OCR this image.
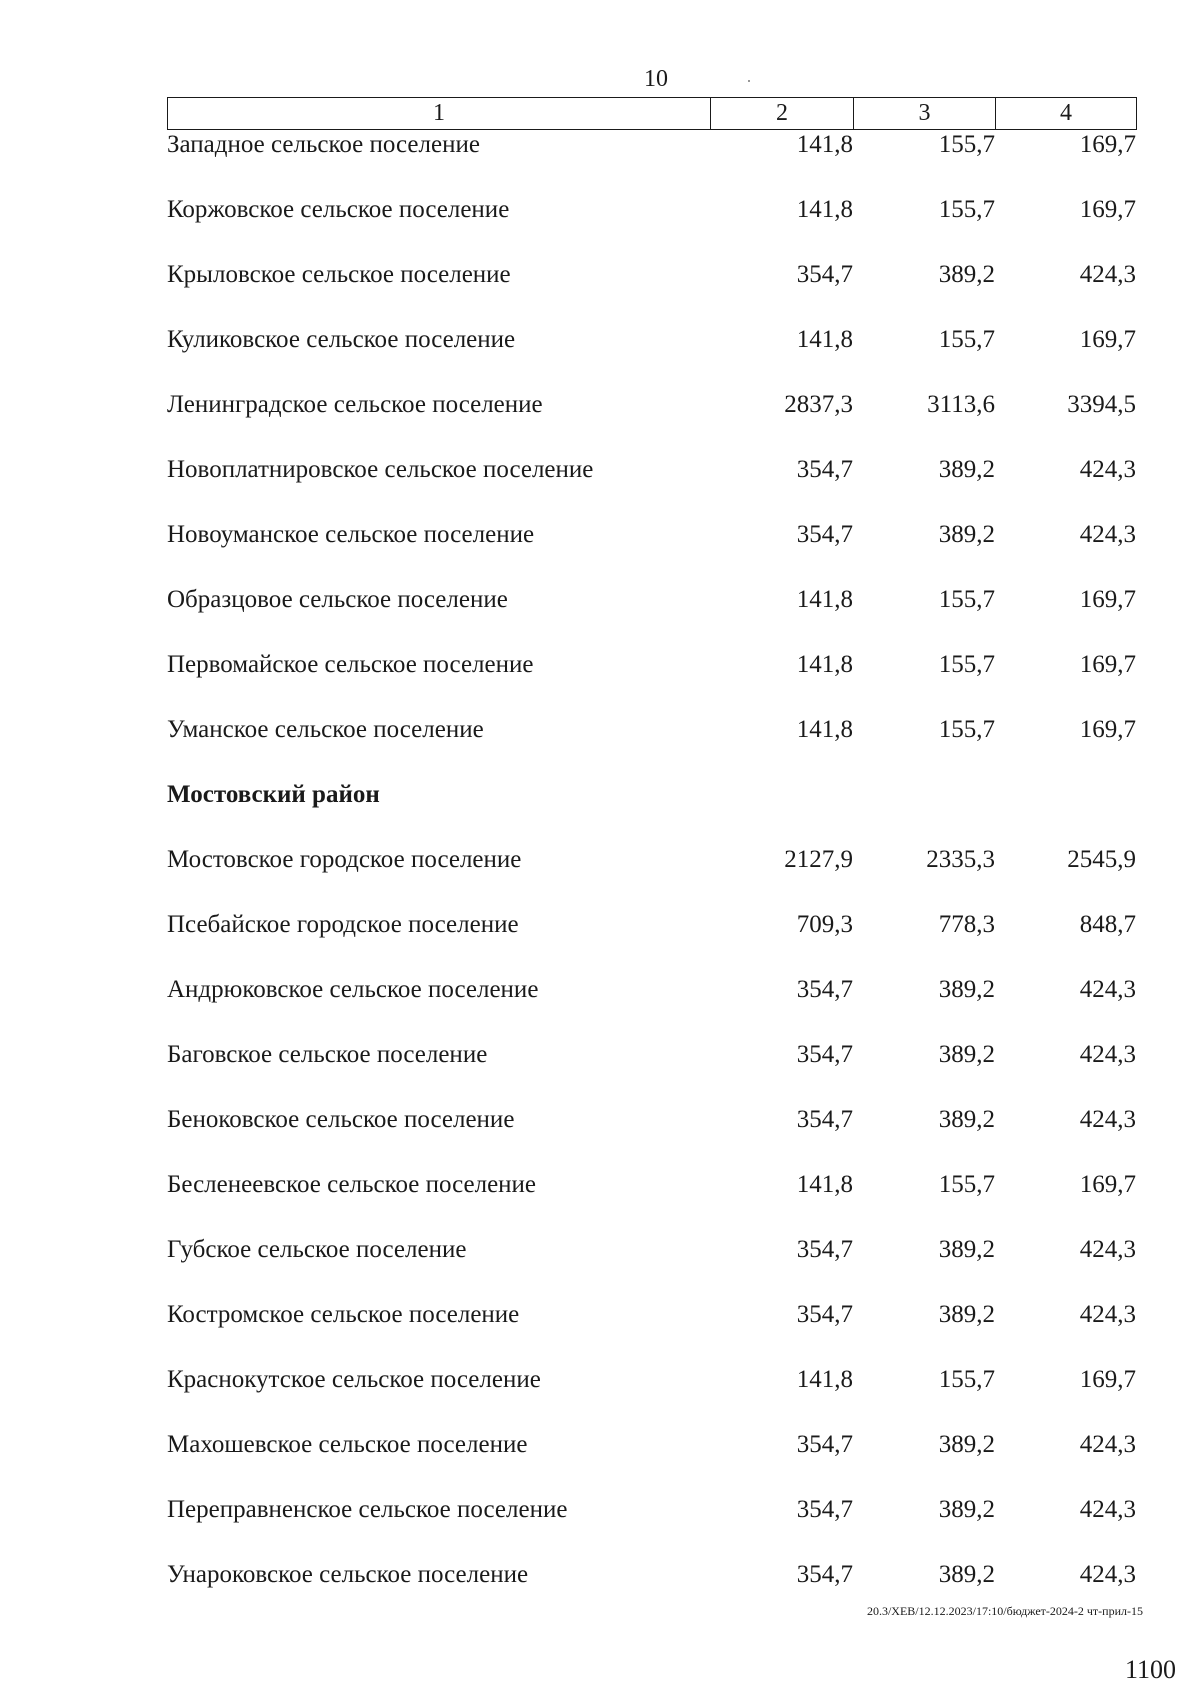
10
1	2	3	4
Западное сельское поселение	141,8	155,7	169,7
Коржовское сельское поселение	141,8	155,7	169,7
Крыловское сельское поселение	354,7	389,2	424,3
Куликовское сельское поселение	141,8	155,7	169,7
Ленинградское сельское поселение	2837,3	3113,6	3394,5
Новоплатнировское сельское поселение	354,7	389,2	424,3
Новоуманское сельское поселение	354,7	389,2	424,3
Образцовое сельское поселение	141,8	155,7	169,7
Первомайское сельское поселение	141,8	155,7	169,7
Уманское сельское поселение	141,8	155,7	169,7
Мостовский район
Мостовское городское поселение	2127,9	2335,3	2545,9
Псебайское городское поселение	709,3	778,3	848,7
Андрюковское сельское поселение	354,7	389,2	424,3
Баговское сельское поселение	354,7	389,2	424,3
Беноковское сельское поселение	354,7	389,2	424,3
Бесленеевское сельское поселение	141,8	155,7	169,7
Губское сельское поселение	354,7	389,2	424,3
Костромское сельское поселение	354,7	389,2	424,3
Краснокутское сельское поселение	141,8	155,7	169,7
Махошевское сельское поселение	354,7	389,2	424,3
Переправненское сельское поселение	354,7	389,2	424,3
Унароковское сельское поселение	354,7	389,2	424,3
20.3/XEB/12.12.2023/17:10/бюджет-2024-2 чт-прил-15
1100
